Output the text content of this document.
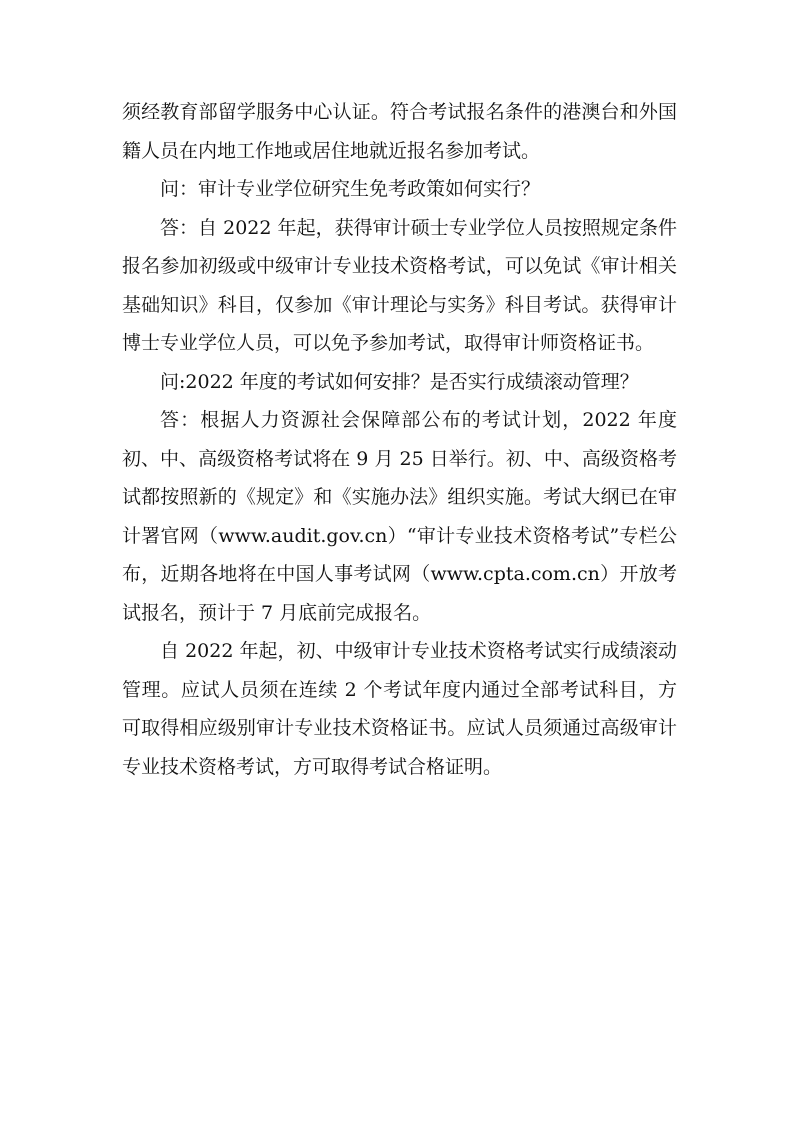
须经教育部留学服务中心认证。符合考试报名条件的港澳台和外国籍人员在内地工作地或居住地就近报名参加考试。

问：审计专业学位研究生免考政策如何实行？

答：自 2022 年起，获得审计硕士专业学位人员按照规定条件报名参加初级或中级审计专业技术资格考试，可以免试《审计相关基础知识》科目，仅参加《审计理论与实务》科目考试。获得审计博士专业学位人员，可以免予参加考试，取得审计师资格证书。

问:2022 年度的考试如何安排？是否实行成绩滚动管理？

答：根据人力资源社会保障部公布的考试计划，2022 年度初、中、高级资格考试将在 9 月 25 日举行。初、中、高级资格考试都按照新的《规定》和《实施办法》组织实施。考试大纲已在审计署官网（www.audit.gov.cn）“审计专业技术资格考试”专栏公布，近期各地将在中国人事考试网（www.cpta.com.cn）开放考试报名，预计于 7 月底前完成报名。

自 2022 年起，初、中级审计专业技术资格考试实行成绩滚动管理。应试人员须在连续 2 个考试年度内通过全部考试科目，方可取得相应级别审计专业技术资格证书。应试人员须通过高级审计专业技术资格考试，方可取得考试合格证明。
